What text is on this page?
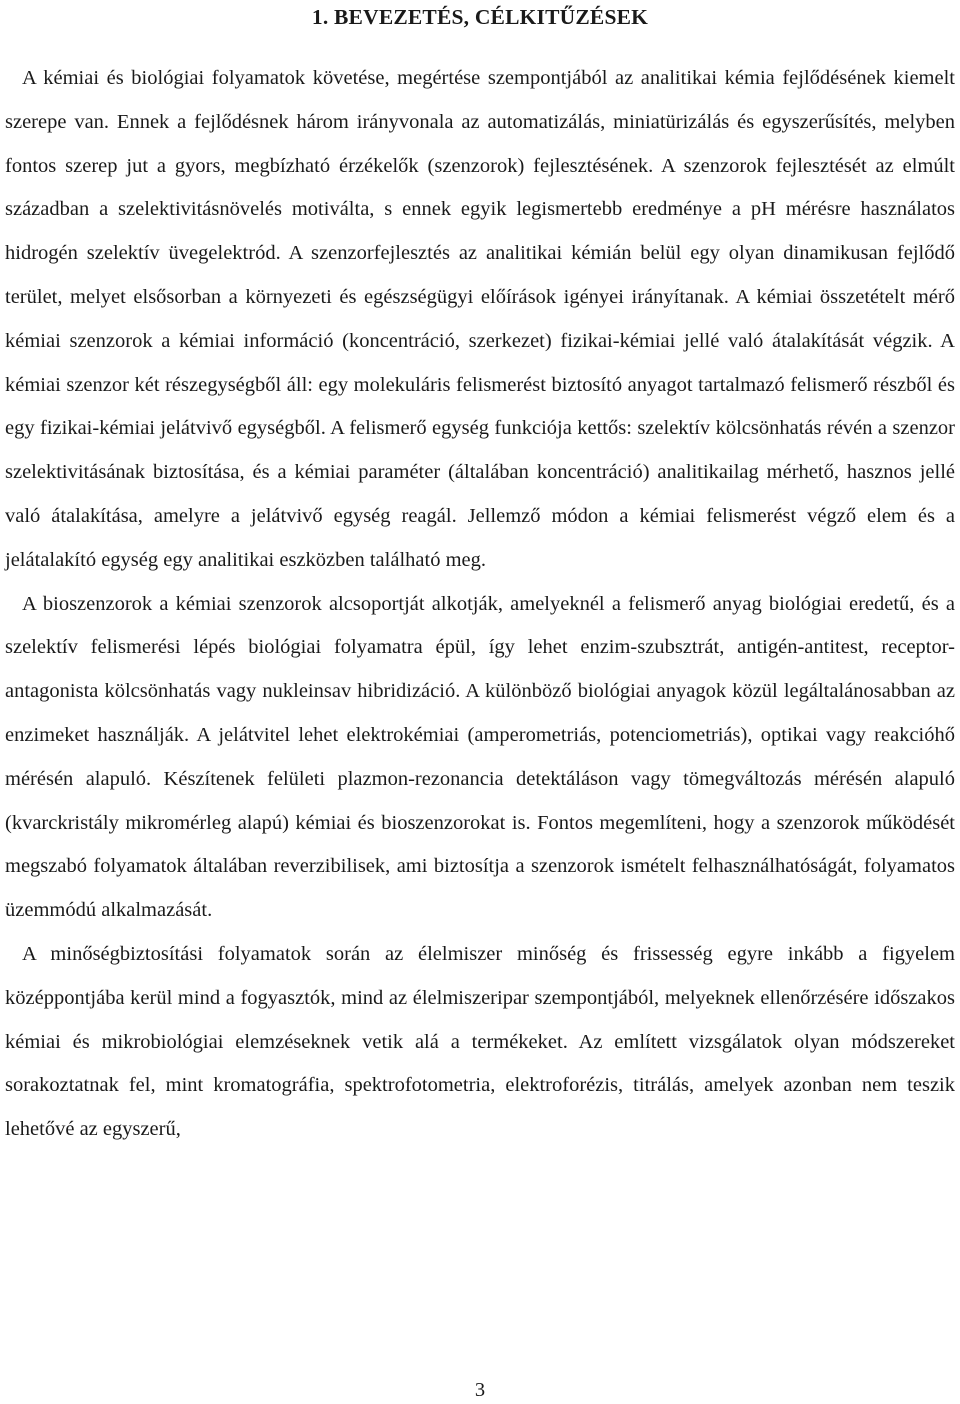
1. BEVEZETÉS, CÉLKITŰZÉSEK

A kémiai és biológiai folyamatok követése, megértése szempontjából az analitikai kémia fejlődésének kiemelt szerepe van. Ennek a fejlődésnek három irányvonala az automatizálás, miniatürizálás és egyszerűsítés, melyben fontos szerep jut a gyors, megbízható érzékelők (szenzorok) fejlesztésének. A szenzorok fejlesztését az elmúlt században a szelektivitásnövelés motiválta, s ennek egyik legismertebb eredménye a pH mérésre használatos hidrogén szelektív üvegelektród. A szenzorfejlesztés az analitikai kémián belül egy olyan dinamikusan fejlődő terület, melyet elsősorban a környezeti és egészségügyi előírások igényei irányítanak. A kémiai összetételt mérő kémiai szenzorok a kémiai információ (koncentráció, szerkezet) fizikai-kémiai jellé való átalakítását végzik. A kémiai szenzor két részegységből áll: egy molekuláris felismerést biztosító anyagot tartalmazó felismerő részből és egy fizikai-kémiai jelátvivő egységből. A felismerő egység funkciója kettős: szelektív kölcsönhatás révén a szenzor szelektivitásának biztosítása, és a kémiai paraméter (általában koncentráció) analitikailag mérhető, hasznos jellé való átalakítása, amelyre a jelátvivő egység reagál. Jellemző módon a kémiai felismerést végző elem és a jelátalakító egység egy analitikai eszközben található meg.

A bioszenzorok a kémiai szenzorok alcsoportját alkotják, amelyeknél a felismerő anyag biológiai eredetű, és a szelektív felismerési lépés biológiai folyamatra épül, így lehet enzim-szubsztrát, antigén-antitest, receptor-antagonista kölcsönhatás vagy nukleinsav hibridizáció. A különböző biológiai anyagok közül legáltalánosabban az enzimeket használják. A jelátvitel lehet elektrokémiai (amperometriás, potenciometriás), optikai vagy reakcióhő mérésén alapuló. Készítenek felületi plazmon-rezonancia detektáláson vagy tömegváltozás mérésén alapuló (kvarckristály mikromérleg alapú) kémiai és bioszenzorokat is. Fontos megemlíteni, hogy a szenzorok működését megszabó folyamatok általában reverzibilisek, ami biztosítja a szenzorok ismételt felhasználhatóságát, folyamatos üzemmódú alkalmazását.

A minőségbiztosítási folyamatok során az élelmiszer minőség és frissesség egyre inkább a figyelem középpontjába kerül mind a fogyasztók, mind az élelmiszeripar szempontjából, melyeknek ellenőrzésére időszakos kémiai és mikrobiológiai elemzéseknek vetik alá a termékeket. Az említett vizsgálatok olyan módszereket sorakoztatnak fel, mint kromatográfia, spektrofotometria, elektroforézis, titrálás, amelyek azonban nem teszik lehetővé az egyszerű,

3
